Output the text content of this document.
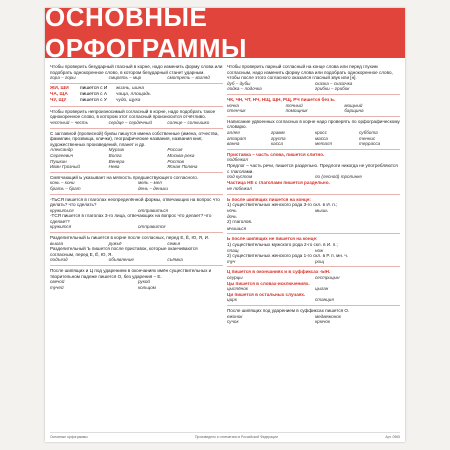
ОСНОВНЫЕ ОРФОГРАММЫ

Чтобы проверить безударный гласный в корне, надо изменить форму слова или подобрать однокоренное слово, в котором безударный станет ударным.

гора – горы	смирять – мир	смотреть – взгляд
ЖИ, ШИ	пишется с И	жизнь, шина
ЧА, ЩА	пишется с А	чаща, площадь
ЧУ, ЩУ	пишется с У	чудо, щука

Чтобы проверить непроизносимый согласный в корне, надо подобрать такое однокоренное слово, в котором этот согласный произносится отчётливо.

честный – честь	сердце – сердечный	солнце – солнышко

С заглавной (прописной) буквы пишутся имена собственные (имена, отчества, фамилии, прозвища, клички), географические названия, названия книг, художественных произведений, планет и др.

Александр	Мурзик	Россия
Сергеевич	Волга	Москва-река
Пушкин	Венера	Ростов
Иван Грозный	Нева	Ясная Поляна

Смягчающий Ь указывает на мягкость предшествующего согласного.

конь – кони	мель – мел
брать – брат	день – деньки

-ТЬСЯ пишется в глаголах неопределённой формы, отвечающих на вопрос что делать? что сделать?

кружиться	отправиться

-ТСЯ пишется в глаголах 3-го лица, отвечающих на вопрос что делает? что сделает?

кружится	отправится

Разделительный Ь пишется в корне после согласных, перед Е, Ё, Ю, Я, И.

вьюга	ружьё	семья

Разделительный Ъ пишется после приставок, которые оканчиваются согласным, перед Е, Ё, Ю, Я.

подъезд	объявление	съёмка

После шипящих и Ц под ударением в окончаниях имён существительных и творительном падеже пишется О, без ударения – Е.

свечой	рукой
тучей	кольцом

Чтобы проверить парный согласный на конце слова или перед глухим согласным, надо изменить форму слова или подобрать однокоренное слово, чтобы после этого согласного оказался гласный звук или [н].

дуб – дубы	сказка – сказочка
лодка – лодочка	грибки – грибок

ЧК, ЧН, ЧТ, НЧ, НЩ, ЩН, РЩ, РЧ пишется без Ь.

ночка	точный	мощный
птенчик	помощник	барщина

Написание удвоенных согласных в корне надо проверять по орфографическому словарю.

аллея	грамм	кросс	суббота
аппарат	группа	масса	теннис
ванна	касса	металл	террасса

Приставка – часть слова, пишется слитно.

подбежал

Предлог – часть речи, пишется раздельно. Предлоги никогда не употребляются с глаголами.

под кустом	по (лесной) тропинке

Частица НЕ с глаголами пишется раздельно.

не побежал

Ь после шипящих пишется на конце:

1) существительных женского рода 3-го скл. в И. п.;

ночь	мышь
дочь

2) глаголов.

мчишься

Ь после шипящих не пишется на конце:

1) существительных мужского рода 2-го скл. в И. п.;

плащ	нож

2) существительных женского рода 1-го скл. в Р. п. мн. ч.

туч	рощ

Ц пишется в окончаниях и в суффиксах -ЫН.

огурцы	сестрицын

Цы пишется в словах-исключениях.

цыплёнок	цыган

Ци пишется в остальных случаях.

цирк	станция

После шипящих под ударением в суффиксах пишется О.

ежонок	медвежонок
сучок	крючок
Основные орфограммы	Произведено и отпечатано в Российской Федерации	Арт. 0965
